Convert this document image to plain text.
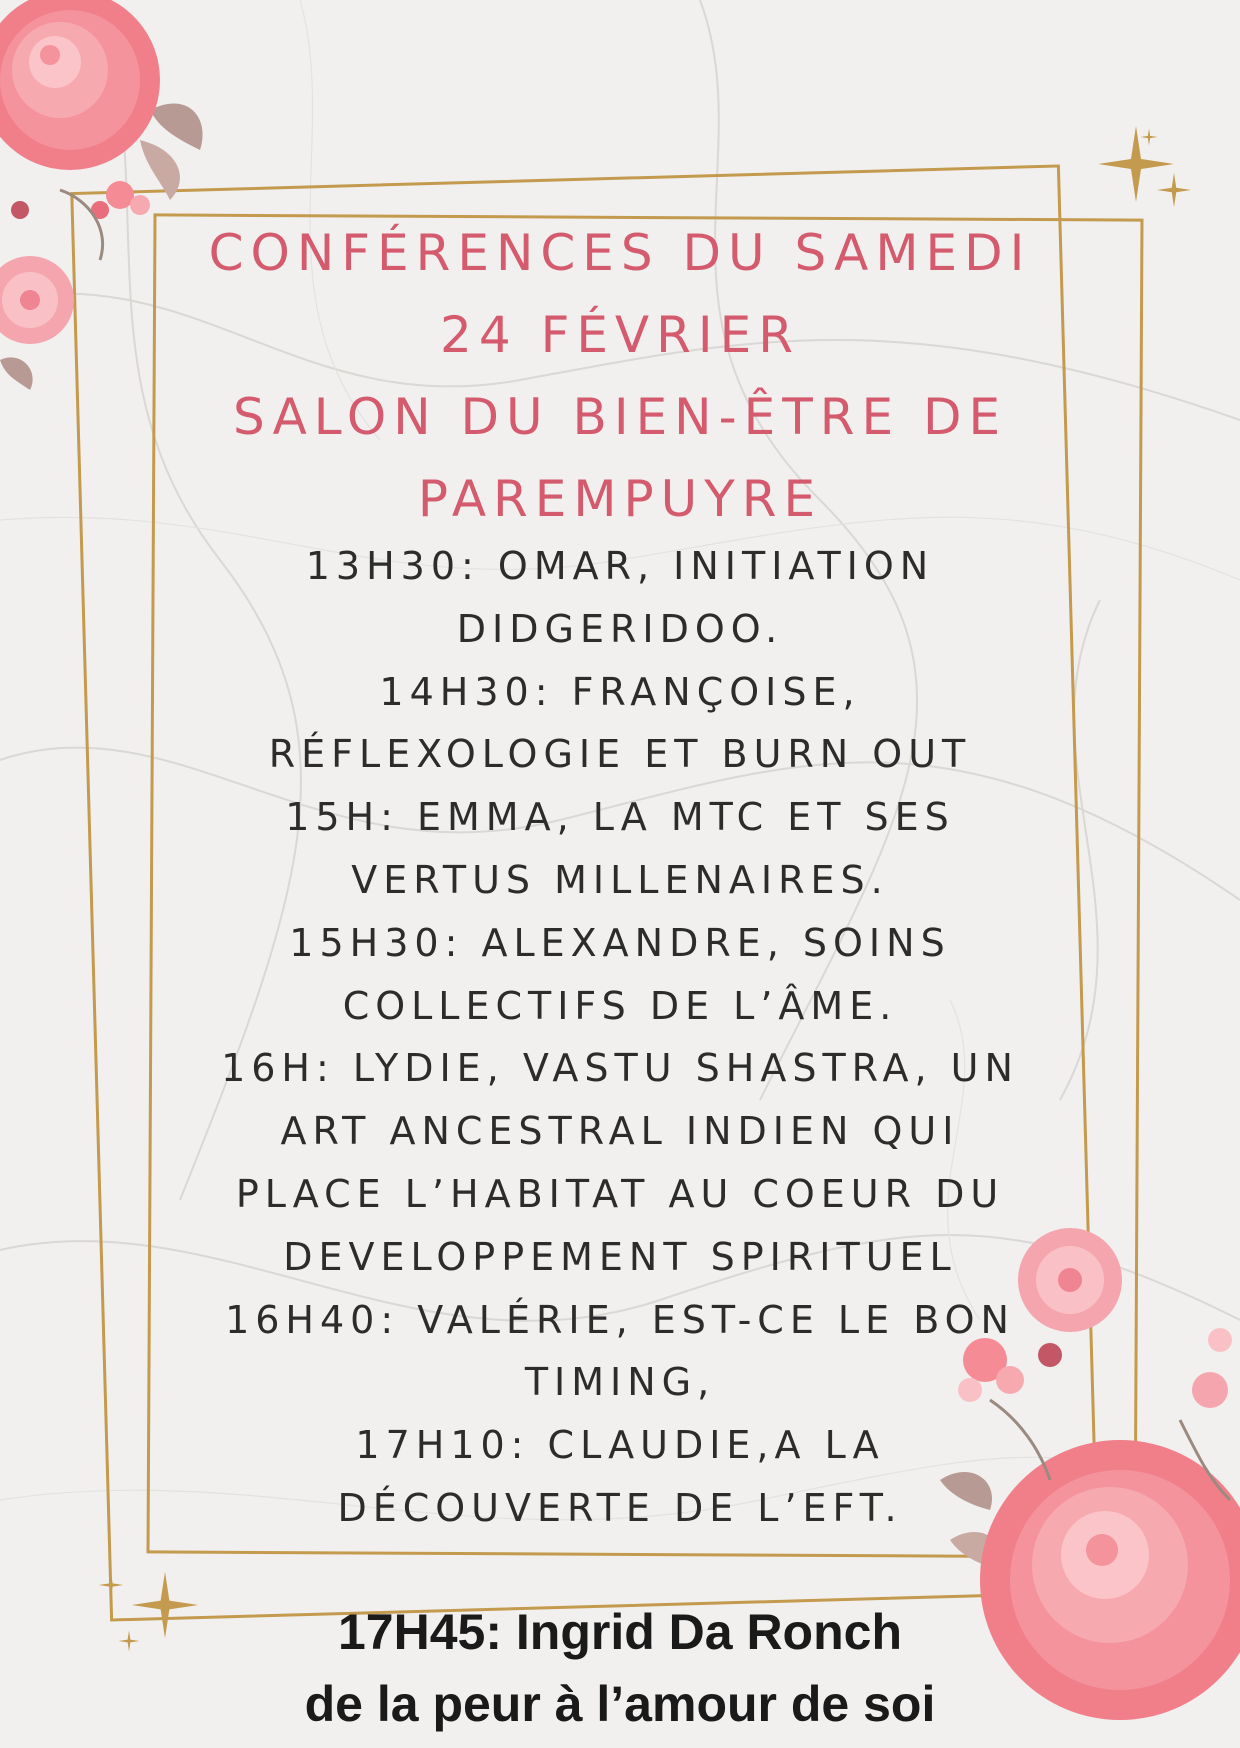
CONFÉRENCES DU SAMEDI
24 FÉVRIER
SALON DU BIEN-ÊTRE DE
PAREMPUYRE
13H30: OMAR, INITIATION
DIDGERIDOO.
14H30: FRANÇOISE,
RÉFLEXOLOGIE ET BURN OUT
15H: EMMA, LA MTC ET SES
VERTUS MILLENAIRES.
15H30: ALEXANDRE, SOINS
COLLECTIFS DE L’ÂME.
16H: LYDIE, VASTU SHASTRA, UN
ART ANCESTRAL INDIEN QUI
PLACE L’HABITAT AU COEUR DU
DEVELOPPEMENT SPIRITUEL
16H40: VALÉRIE, EST-CE LE BON
TIMING,
17H10: CLAUDIE,A LA
DÉCOUVERTE DE L’EFT.
17H45: Ingrid Da Ronch
de la peur à l’amour de soi
